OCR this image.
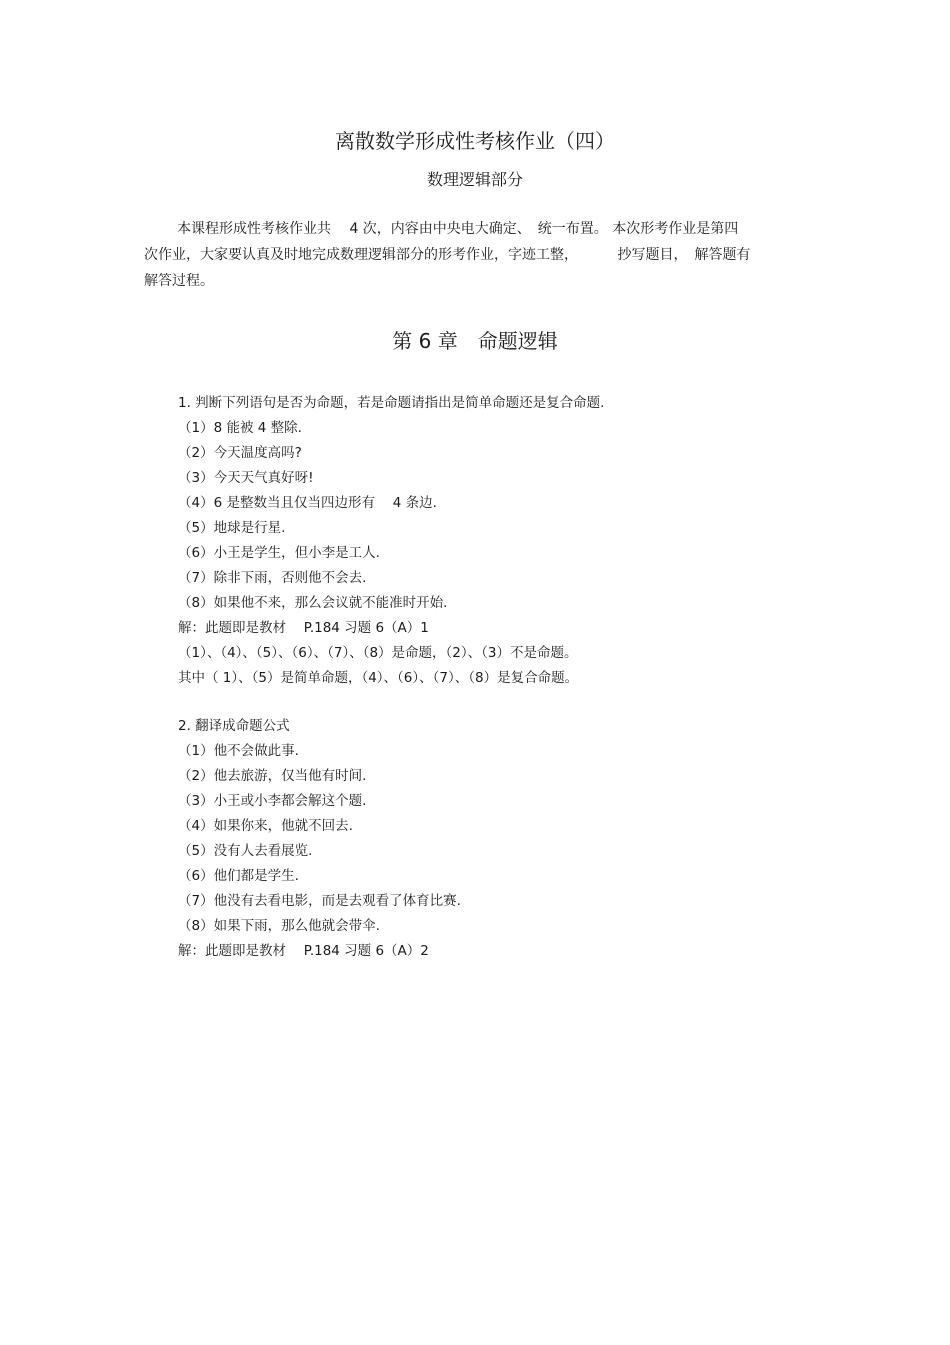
离散数学形成性考核作业（四）
数理逻辑部分

本课程形成性考核作业共　 4 次，内容由中央电大确定、　统一布置。 本次形考作业是第四

次作业，大家要认真及时地完成数理逻辑部分的形考作业，字迹工整，　　　 抄写题目，　解答题有

解答过程。

第 6 章　命题逻辑

1. 判断下列语句是否为命题，若是命题请指出是简单命题还是复合命题.

（1）8 能被 4 整除.

（2）今天温度高吗?

（3）今天天气真好呀!

（4）6 是整数当且仅当四边形有　 4 条边.

（5）地球是行星.

（6）小王是学生，但小李是工人.

（7）除非下雨，否则他不会去.

（8）如果他不来，那么会议就不能准时开始.

解：此题即是教材　 P.184 习题 6（A）1

（1）、（4）、（5）、（6）、（7）、（8）是命题，（2）、（3）不是命题。

其中（ 1）、（5）是简单命题，（4）、（6）、（7）、（8）是复合命题。

2. 翻译成命题公式

（1）他不会做此事.

（2）他去旅游，仅当他有时间.

（3）小王或小李都会解这个题.

（4）如果你来，他就不回去.

（5）没有人去看展览.

（6）他们都是学生.

（7）他没有去看电影，而是去观看了体育比赛.

（8）如果下雨，那么他就会带伞.

解：此题即是教材　 P.184 习题 6（A）2
